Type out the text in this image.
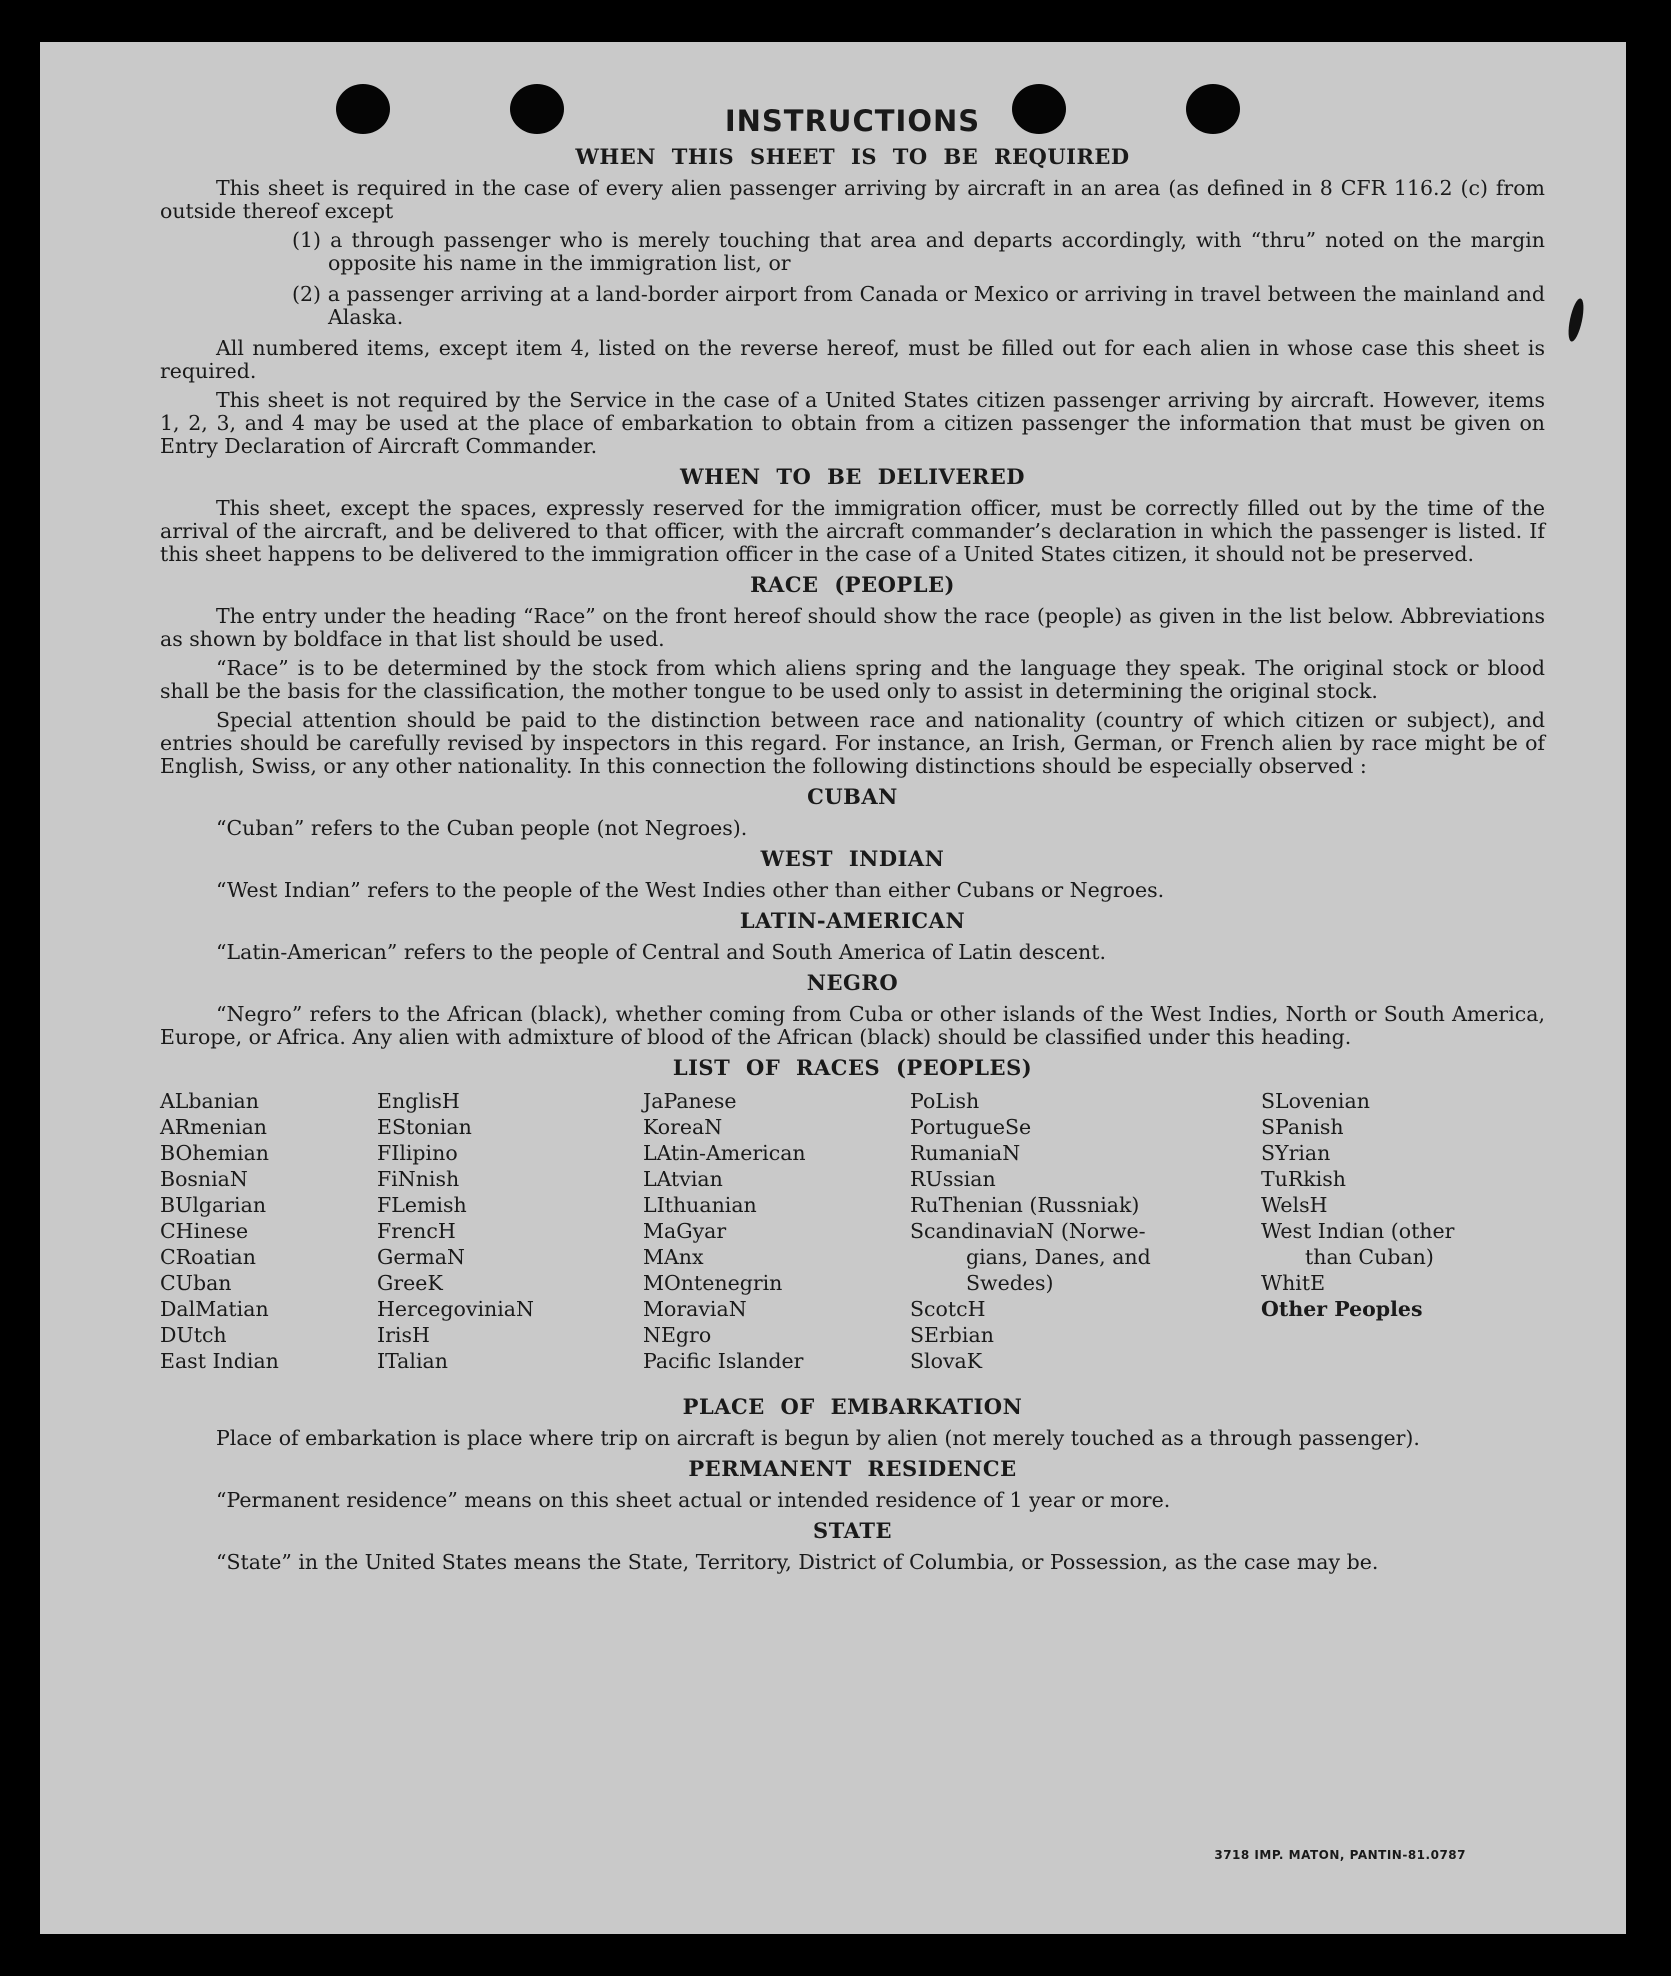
INSTRUCTIONS
WHEN THIS SHEET IS TO BE REQUIRED

This sheet is required in the case of every alien passenger arriving by aircraft in an area (as defined in 8 CFR 116.2 (c) from outside thereof except

(1) a through passenger who is merely touching that area and departs accordingly, with “thru” noted on the margin opposite his name in the immigration list, or
(2) a passenger arriving at a land-border airport from Canada or Mexico or arriving in travel between the mainland and Alaska.

All numbered items, except item 4, listed on the reverse hereof, must be filled out for each alien in whose case this sheet is required.

This sheet is not required by the Service in the case of a United States citizen passenger arriving by aircraft. However, items 1, 2, 3, and 4 may be used at the place of embarkation to obtain from a citizen passenger the information that must be given on Entry Declaration of Aircraft Commander.

WHEN TO BE DELIVERED

This sheet, except the spaces, expressly reserved for the immigration officer, must be correctly filled out by the time of the arrival of the aircraft, and be delivered to that officer, with the aircraft commander’s declaration in which the passenger is listed. If this sheet happens to be delivered to the immigration officer in the case of a United States citizen, it should not be preserved.

RACE (PEOPLE)

The entry under the heading “Race” on the front hereof should show the race (people) as given in the list below. Abbreviations as shown by boldface in that list should be used.

“Race” is to be determined by the stock from which aliens spring and the language they speak. The original stock or blood shall be the basis for the classification, the mother tongue to be used only to assist in determining the original stock.

Special attention should be paid to the distinction between race and nationality (country of which citizen or subject), and entries should be carefully revised by inspectors in this regard. For instance, an Irish, German, or French alien by race might be of English, Swiss, or any other nationality. In this connection the following distinctions should be especially observed :

CUBAN

“Cuban” refers to the Cuban people (not Negroes).

WEST INDIAN

“West Indian” refers to the people of the West Indies other than either Cubans or Negroes.

LATIN-AMERICAN

“Latin-American” refers to the people of Central and South America of Latin descent.

NEGRO

“Negro” refers to the African (black), whether coming from Cuba or other islands of the West Indies, North or South America, Europe, or Africa. Any alien with admixture of blood of the African (black) should be classified under this heading.

LIST OF RACES (PEOPLES)
ALbanian
ARmenian
BOhemian
BosniaN
BUlgarian
CHinese
CRoatian
CUban
DalMatian
DUtch
East Indian
EnglisH
EStonian
FIlipino
FiNnish
FLemish
FrencH
GermaN
GreeK
HercegoviniaN
IrisH
ITalian
JaPanese
KoreaN
LAtin-American
LAtvian
LIthuanian
MaGyar
MAnx
MOntenegrin
MoraviaN
NEgro
Pacific Islander
PoLish
PortugueSe
RumaniaN
RUssian
RuThenian (Russniak)
ScandinaviaN (Norwe-
gians, Danes, and
Swedes)
ScotcH
SErbian
SlovaK
SLovenian
SPanish
SYrian
TuRkish
WelsH
West Indian (other
than Cuban)
WhitE
Other Peoples
PLACE OF EMBARKATION

Place of embarkation is place where trip on aircraft is begun by alien (not merely touched as a through passenger).

PERMANENT RESIDENCE

“Permanent residence” means on this sheet actual or intended residence of 1 year or more.

STATE

“State” in the United States means the State, Territory, District of Columbia, or Possession, as the case may be.

3718 IMP. MATON, PANTIN-81.0787
